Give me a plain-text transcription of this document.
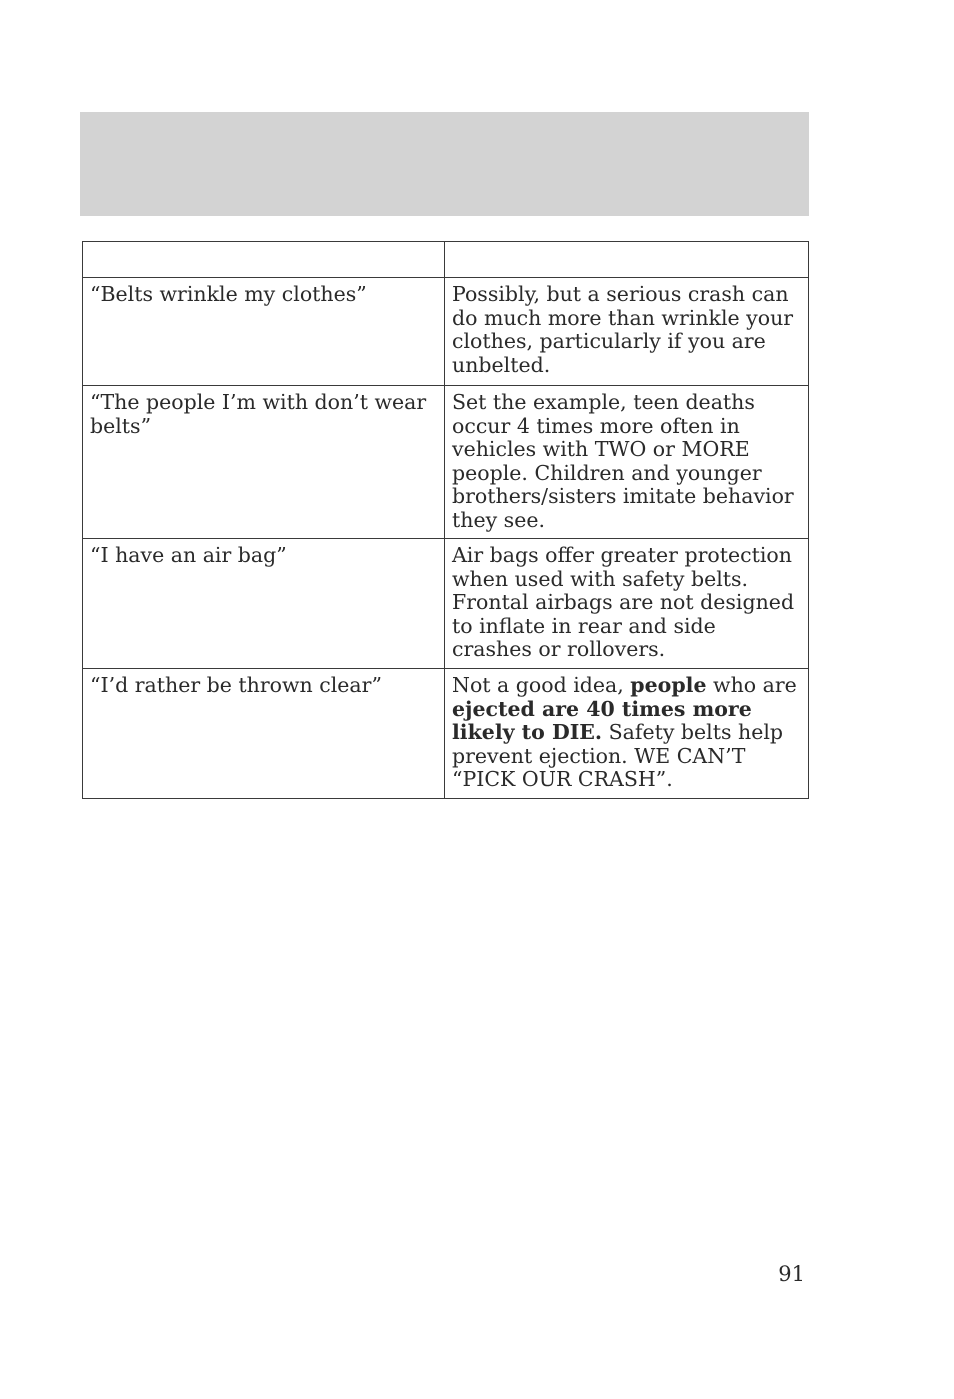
“Belts wrinkle my clothes”	Possibly, but a serious crash can do much more than wrinkle your clothes, particularly if you are unbelted.
“The people I’m with don’t wear belts”	Set the example, teen deaths occur 4 times more often in vehicles with TWO or MORE people. Children and younger brothers/sisters imitate behavior they see.
“I have an air bag”	Air bags offer greater protection when used with safety belts. Frontal airbags are not designed to inflate in rear and side crashes or rollovers.
“I’d rather be thrown clear”	Not a good idea, people who are ejected are 40 times more likely to DIE. Safety belts help prevent ejection. WE CAN’T “PICK OUR CRASH”.
91
